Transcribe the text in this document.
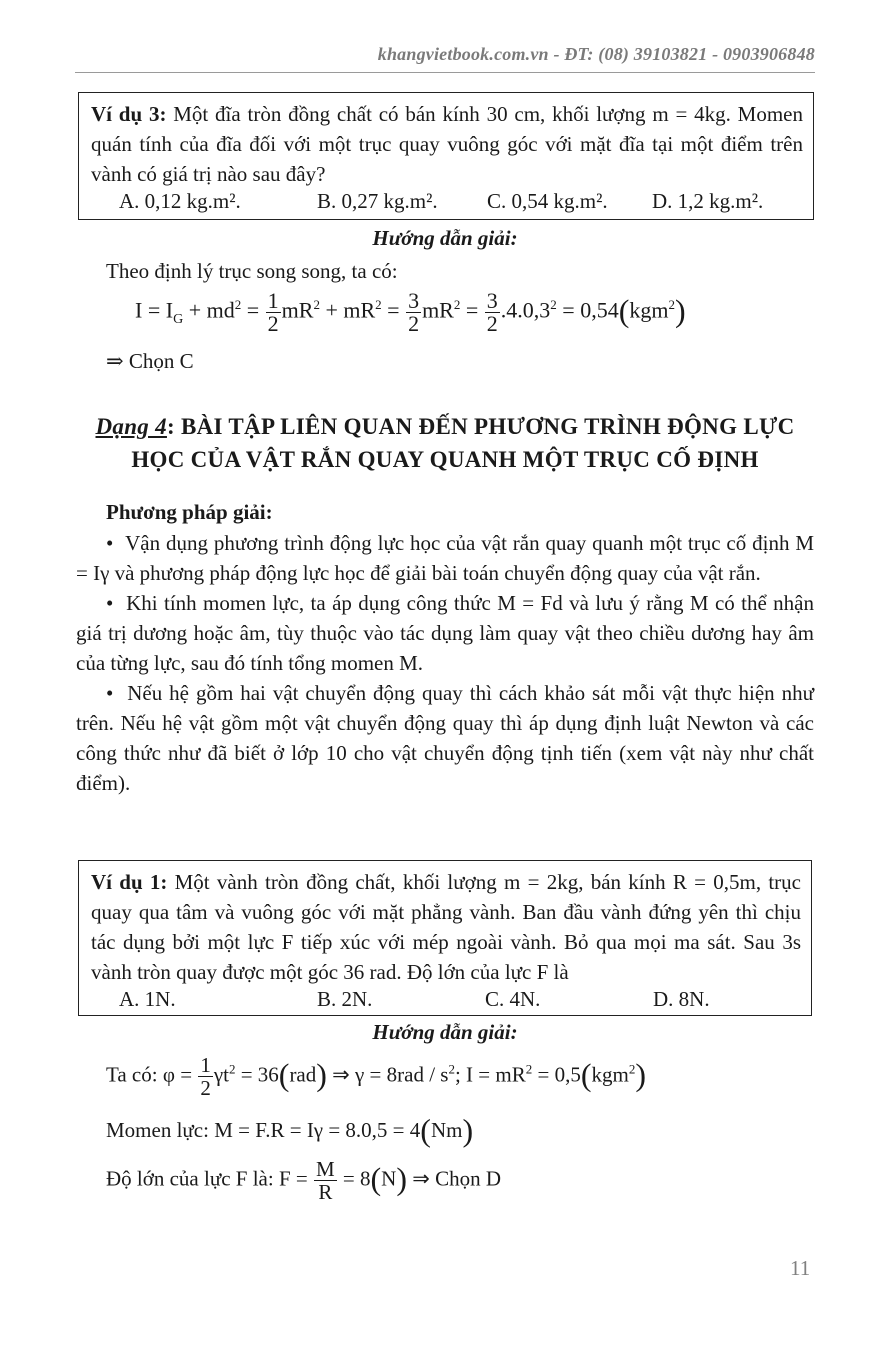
khangvietbook.com.vn - ĐT: (08) 39103821 - 0903906848
Ví dụ 3: Một đĩa tròn đồng chất có bán kính 30 cm, khối lượng m = 4kg. Momen quán tính của đĩa đối với một trục quay vuông góc với mặt đĩa tại một điểm trên vành có giá trị nào sau đây?
A. 0,12 kg.m².	B. 0,27 kg.m².	C. 0,54 kg.m².	D. 1,2 kg.m².
Hướng dẫn giải:
Theo định lý trục song song, ta có:
$I = I_G + md^2 = \frac{1}{2} mR^2 + mR^2 = \frac{3}{2} mR^2 = \frac{3}{2} .4.0,3^2 = 0,54(kgm^2)$
⇒ Chọn C
Dạng 4: BÀI TẬP LIÊN QUAN ĐẾN PHƯƠNG TRÌNH ĐỘNG LỰC
HỌC CỦA VẬT RẮN QUAY QUANH MỘT TRỤC CỐ ĐỊNH
Phương pháp giải:
•  Vận dụng phương trình động lực học của vật rắn quay quanh một trục cố định M = Iγ và phương pháp động lực học để giải bài toán chuyển động quay của vật rắn.
•  Khi tính momen lực, ta áp dụng công thức M = Fd và lưu ý rằng M có thể nhận giá trị dương hoặc âm, tùy thuộc vào tác dụng làm quay vật theo chiều dương hay âm của từng lực, sau đó tính tổng momen M.
•  Nếu hệ gồm hai vật chuyển động quay thì cách khảo sát mỗi vật thực hiện như trên. Nếu hệ vật gồm một vật chuyển động quay thì áp dụng định luật Newton và các công thức như đã biết ở lớp 10 cho vật chuyển động tịnh tiến (xem vật này như chất điểm).
Ví dụ 1: Một vành tròn đồng chất, khối lượng m = 2kg, bán kính R = 0,5m, trục quay qua tâm và vuông góc với mặt phẳng vành. Ban đầu vành đứng yên thì chịu tác dụng bởi một lực F tiếp xúc với mép ngoài vành. Bỏ qua mọi ma sát. Sau 3s vành tròn quay được một góc 36 rad. Độ lớn của lực F là
A. 1N.	B. 2N.	C. 4N.	D. 8N.
Hướng dẫn giải:
Ta có: $\varphi = \frac{1}{2} \gamma t^2 = 36(rad)$ ⇒ $\gamma = 8rad / s^2$; $I = mR^2 = 0,5(kgm^2)$
Momen lực: M = F.R = Iγ = 8.0,5 = 4(Nm)
Độ lớn của lực F là: $F = \frac{M}{R} = 8(N)$ ⇒ Chọn D
11
